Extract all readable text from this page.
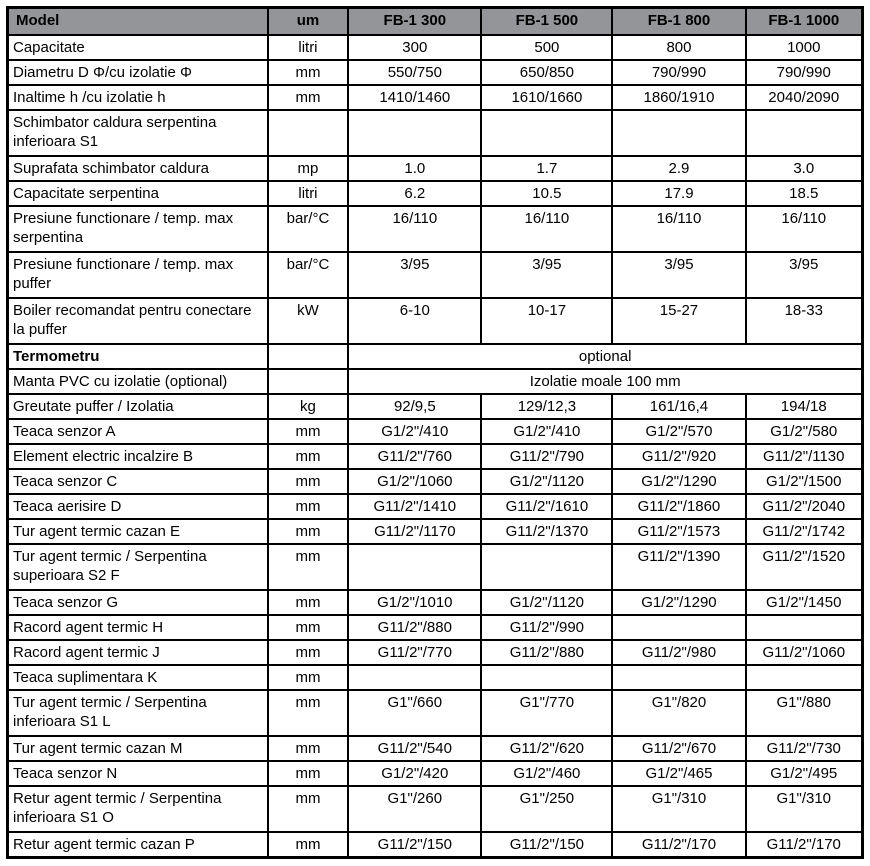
Model	um	FB-1 300	FB-1 500	FB-1 800	FB-1 1000
Capacitate	litri	300	500	800	1000
Diametru D Φ/cu izolatie Φ	mm	550/750	650/850	790/990	790/990
Inaltime h /cu izolatie h	mm	1410/1460	1610/1660	1860/1910	2040/2090
Schimbator caldura serpentina inferioara S1					
Suprafata schimbator caldura	mp	1.0	1.7	2.9	3.0
Capacitate serpentina	litri	6.2	10.5	17.9	18.5
Presiune functionare / temp. max serpentina	bar/°C	16/110	16/110	16/110	16/110
Presiune functionare / temp. max puffer	bar/°C	3/95	3/95	3/95	3/95
Boiler recomandat pentru conectare la puffer	kW	6-10	10-17	15-27	18-33
Termometru		optional			
Manta PVC cu izolatie (optional)		Izolatie moale 100 mm			
Greutate puffer / Izolatia	kg	92/9,5	129/12,3	161/16,4	194/18
Teaca senzor A	mm	G1/2"/410	G1/2"/410	G1/2"/570	G1/2"/580
Element electric incalzire B	mm	G11/2"/760	G11/2"/790	G11/2"/920	G11/2"/1130
Teaca senzor C	mm	G1/2"/1060	G1/2"/1120	G1/2"/1290	G1/2"/1500
Teaca aerisire D	mm	G11/2"/1410	G11/2"/1610	G11/2"/1860	G11/2"/2040
Tur agent termic cazan E	mm	G11/2"/1170	G11/2"/1370	G11/2"/1573	G11/2"/1742
Tur agent termic / Serpentina superioara S2 F	mm			G11/2"/1390	G11/2"/1520
Teaca senzor G	mm	G1/2"/1010	G1/2"/1120	G1/2"/1290	G1/2"/1450
Racord agent termic H	mm	G11/2"/880	G11/2"/990		
Racord agent termic J	mm	G11/2"/770	G11/2"/880	G11/2"/980	G11/2"/1060
Teaca suplimentara K	mm				
Tur agent termic / Serpentina inferioara S1 L	mm	G1"/660	G1"/770	G1"/820	G1"/880
Tur agent termic cazan M	mm	G11/2"/540	G11/2"/620	G11/2"/670	G11/2"/730
Teaca senzor N	mm	G1/2"/420	G1/2"/460	G1/2"/465	G1/2"/495
Retur agent termic / Serpentina inferioara S1 O	mm	G1"/260	G1"/250	G1"/310	G1"/310
Retur agent termic cazan P	mm	G11/2"/150	G11/2"/150	G11/2"/170	G11/2"/170
